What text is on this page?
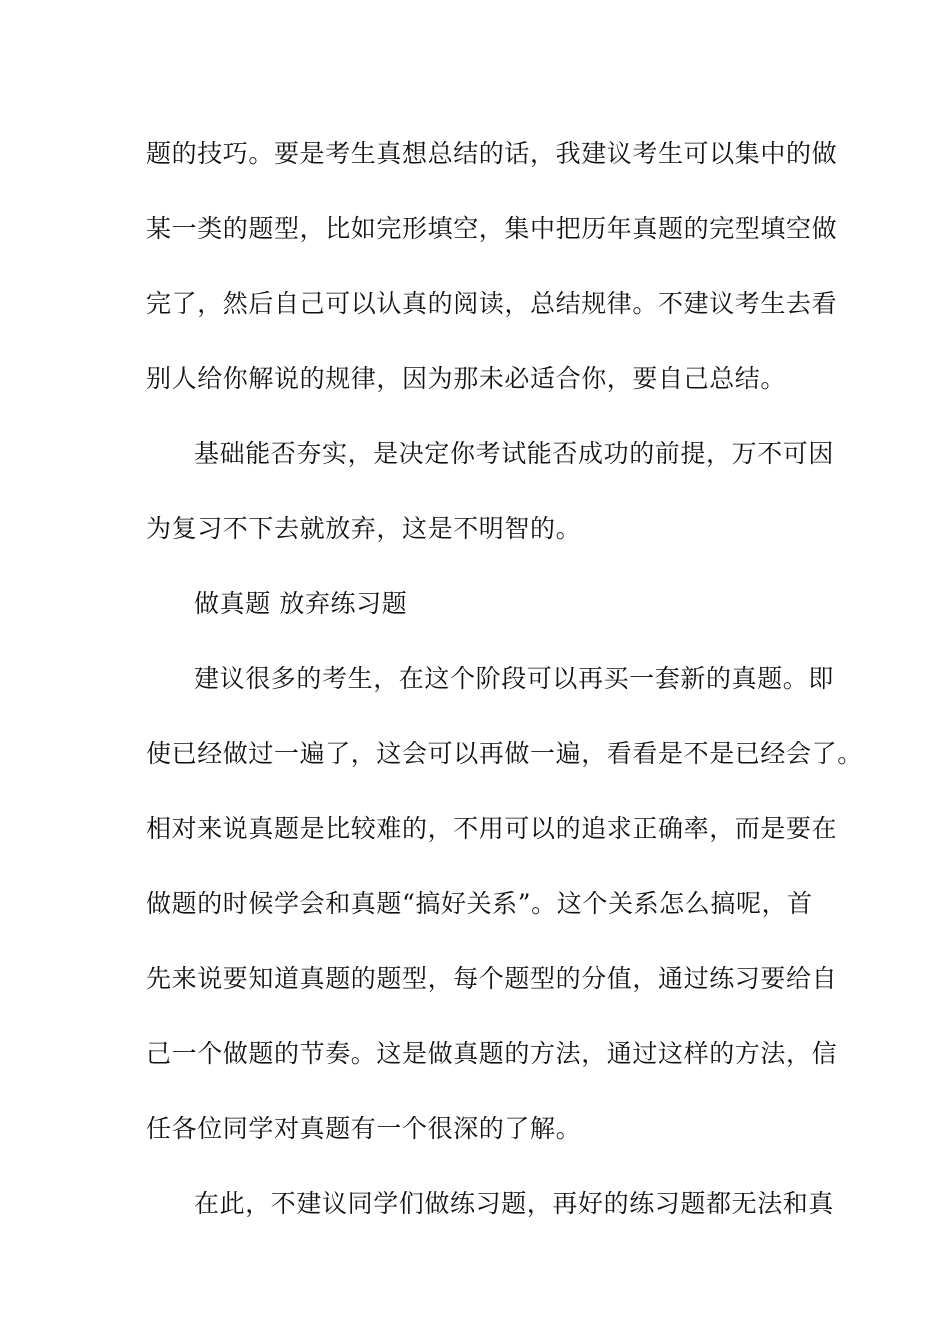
题的技巧。要是考生真想总结的话，我建议考生可以集中的做
某一类的题型，比如完形填空，集中把历年真题的完型填空做
完了，然后自己可以认真的阅读，总结规律。不建议考生去看
别人给你解说的规律，因为那未必适合你，要自己总结。
基础能否夯实，是决定你考试能否成功的前提，万不可因
为复习不下去就放弃，这是不明智的。
做真题 放弃练习题
建议很多的考生，在这个阶段可以再买一套新的真题。即
使已经做过一遍了，这会可以再做一遍，看看是不是已经会了。
相对来说真题是比较难的，不用可以的追求正确率，而是要在
做题的时候学会和真题“搞好关系”。这个关系怎么搞呢，首
先来说要知道真题的题型，每个题型的分值，通过练习要给自
己一个做题的节奏。这是做真题的方法，通过这样的方法，信
任各位同学对真题有一个很深的了解。
在此，不建议同学们做练习题，再好的练习题都无法和真
